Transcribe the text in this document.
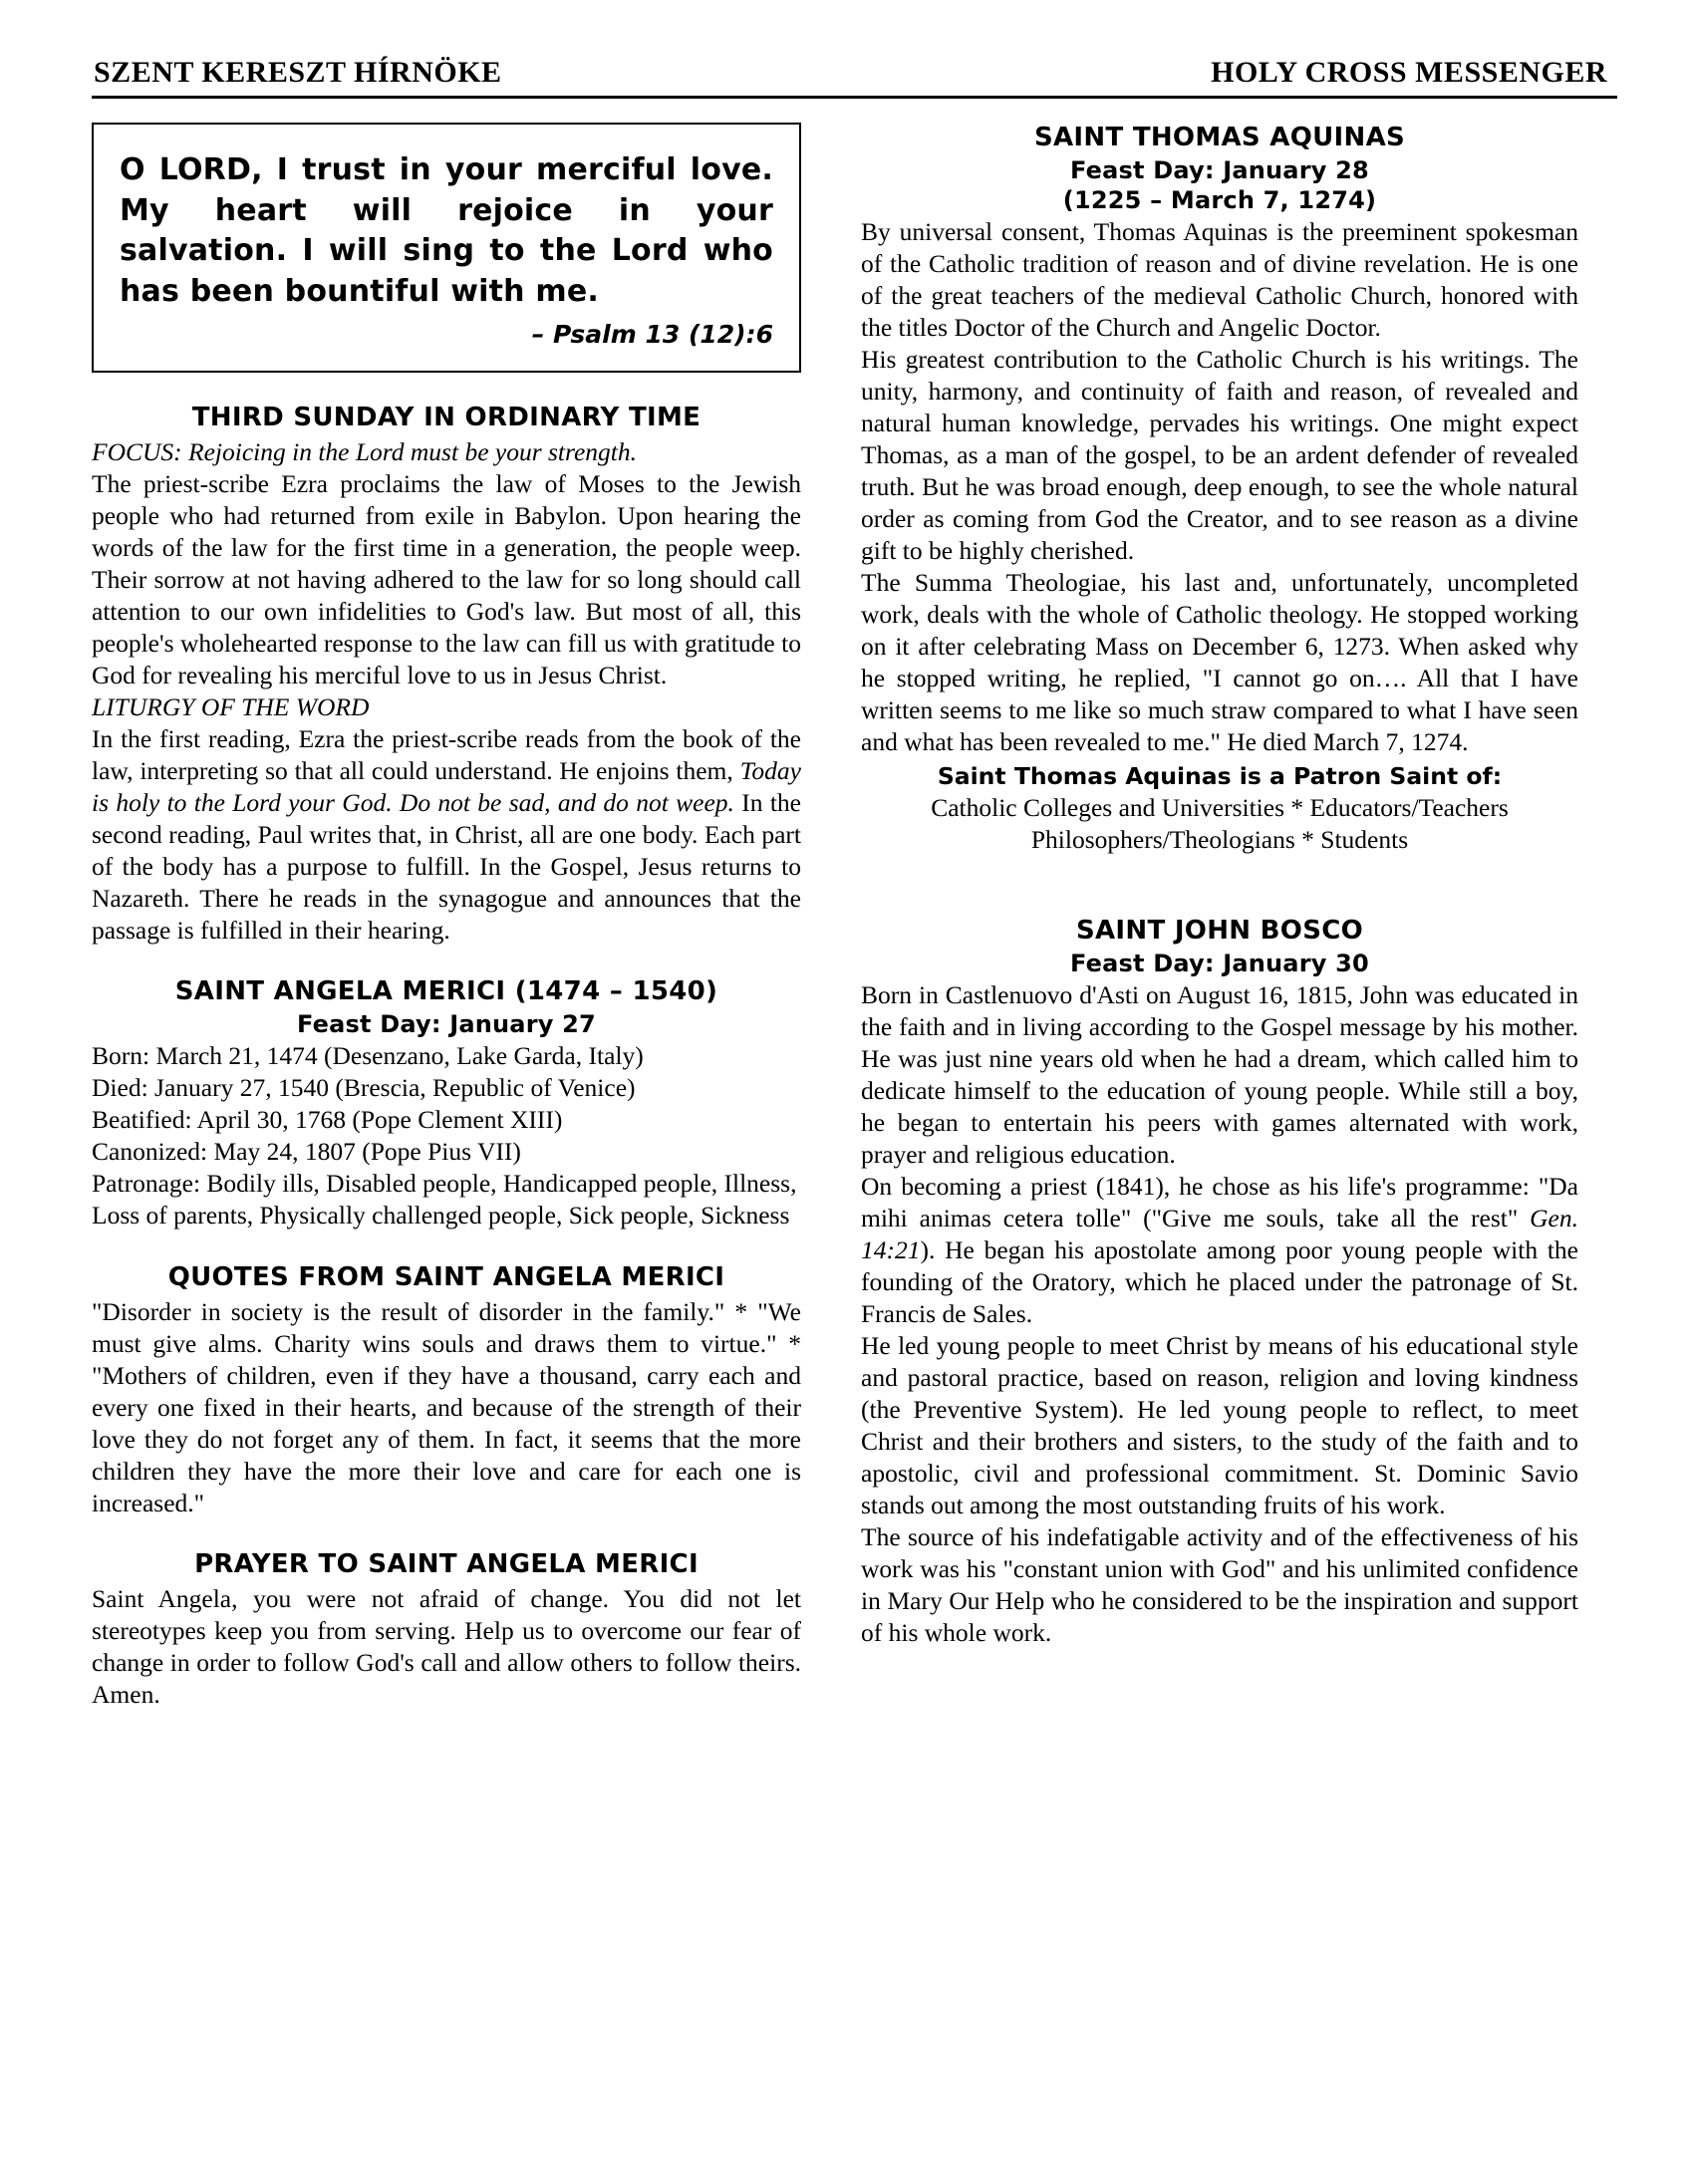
SZENT KERESZT HÍRNÖKE	HOLY CROSS MESSENGER
O LORD, I trust in your merciful love. My heart will rejoice in your salvation. I will sing to the Lord who has been bountiful with me.
– Psalm 13 (12):6
THIRD SUNDAY IN ORDINARY TIME

FOCUS: Rejoicing in the Lord must be your strength.

The priest-scribe Ezra proclaims the law of Moses to the Jewish people who had returned from exile in Babylon. Upon hearing the words of the law for the first time in a generation, the people weep. Their sorrow at not having adhered to the law for so long should call attention to our own infidelities to God's law. But most of all, this people's wholehearted response to the law can fill us with gratitude to God for revealing his merciful love to us in Jesus Christ.

LITURGY OF THE WORD

In the first reading, Ezra the priest-scribe reads from the book of the law, interpreting so that all could understand. He enjoins them, Today is holy to the Lord your God. Do not be sad, and do not weep. In the second reading, Paul writes that, in Christ, all are one body. Each part of the body has a purpose to fulfill. In the Gospel, Jesus returns to Nazareth. There he reads in the synagogue and announces that the passage is fulfilled in their hearing.

SAINT ANGELA MERICI (1474 – 1540)
Feast Day: January 27

Born: March 21, 1474 (Desenzano, Lake Garda, Italy)

Died: January 27, 1540 (Brescia, Republic of Venice)

Beatified: April 30, 1768 (Pope Clement XIII)

Canonized: May 24, 1807 (Pope Pius VII)

Patronage: Bodily ills, Disabled people, Handicapped people, Illness, Loss of parents, Physically challenged people, Sick people, Sickness

QUOTES FROM SAINT ANGELA MERICI

"Disorder in society is the result of disorder in the family." * "We must give alms. Charity wins souls and draws them to virtue." * "Mothers of children, even if they have a thousand, carry each and every one fixed in their hearts, and because of the strength of their love they do not forget any of them. In fact, it seems that the more children they have the more their love and care for each one is increased."

PRAYER TO SAINT ANGELA MERICI

Saint Angela, you were not afraid of change. You did not let stereotypes keep you from serving. Help us to overcome our fear of change in order to follow God's call and allow others to follow theirs. Amen.

SAINT THOMAS AQUINAS
Feast Day: January 28
(1225 – March 7, 1274)

By universal consent, Thomas Aquinas is the preeminent spokesman of the Catholic tradition of reason and of divine revelation. He is one of the great teachers of the medieval Catholic Church, honored with the titles Doctor of the Church and Angelic Doctor.

His greatest contribution to the Catholic Church is his writings. The unity, harmony, and continuity of faith and reason, of revealed and natural human knowledge, pervades his writings. One might expect Thomas, as a man of the gospel, to be an ardent defender of revealed truth. But he was broad enough, deep enough, to see the whole natural order as coming from God the Creator, and to see reason as a divine gift to be highly cherished.

The Summa Theologiae, his last and, unfortunately, uncompleted work, deals with the whole of Catholic theology. He stopped working on it after celebrating Mass on December 6, 1273. When asked why he stopped writing, he replied, "I cannot go on…. All that I have written seems to me like so much straw compared to what I have seen and what has been revealed to me." He died March 7, 1274.

Saint Thomas Aquinas is a Patron Saint of:

Catholic Colleges and Universities * Educators/Teachers

Philosophers/Theologians * Students

SAINT JOHN BOSCO
Feast Day: January 30

Born in Castlenuovo d'Asti on August 16, 1815, John was educated in the faith and in living according to the Gospel message by his mother. He was just nine years old when he had a dream, which called him to dedicate himself to the education of young people. While still a boy, he began to entertain his peers with games alternated with work, prayer and religious education.

On becoming a priest (1841), he chose as his life's programme: "Da mihi animas cetera tolle" ("Give me souls, take all the rest" Gen. 14:21). He began his apostolate among poor young people with the founding of the Oratory, which he placed under the patronage of St. Francis de Sales.

He led young people to meet Christ by means of his educational style and pastoral practice, based on reason, religion and loving kindness (the Preventive System). He led young people to reflect, to meet Christ and their brothers and sisters, to the study of the faith and to apostolic, civil and professional commitment. St. Dominic Savio stands out among the most outstanding fruits of his work.

The source of his indefatigable activity and of the effectiveness of his work was his "constant union with God" and his unlimited confidence in Mary Our Help who he considered to be the inspiration and support of his whole work.
